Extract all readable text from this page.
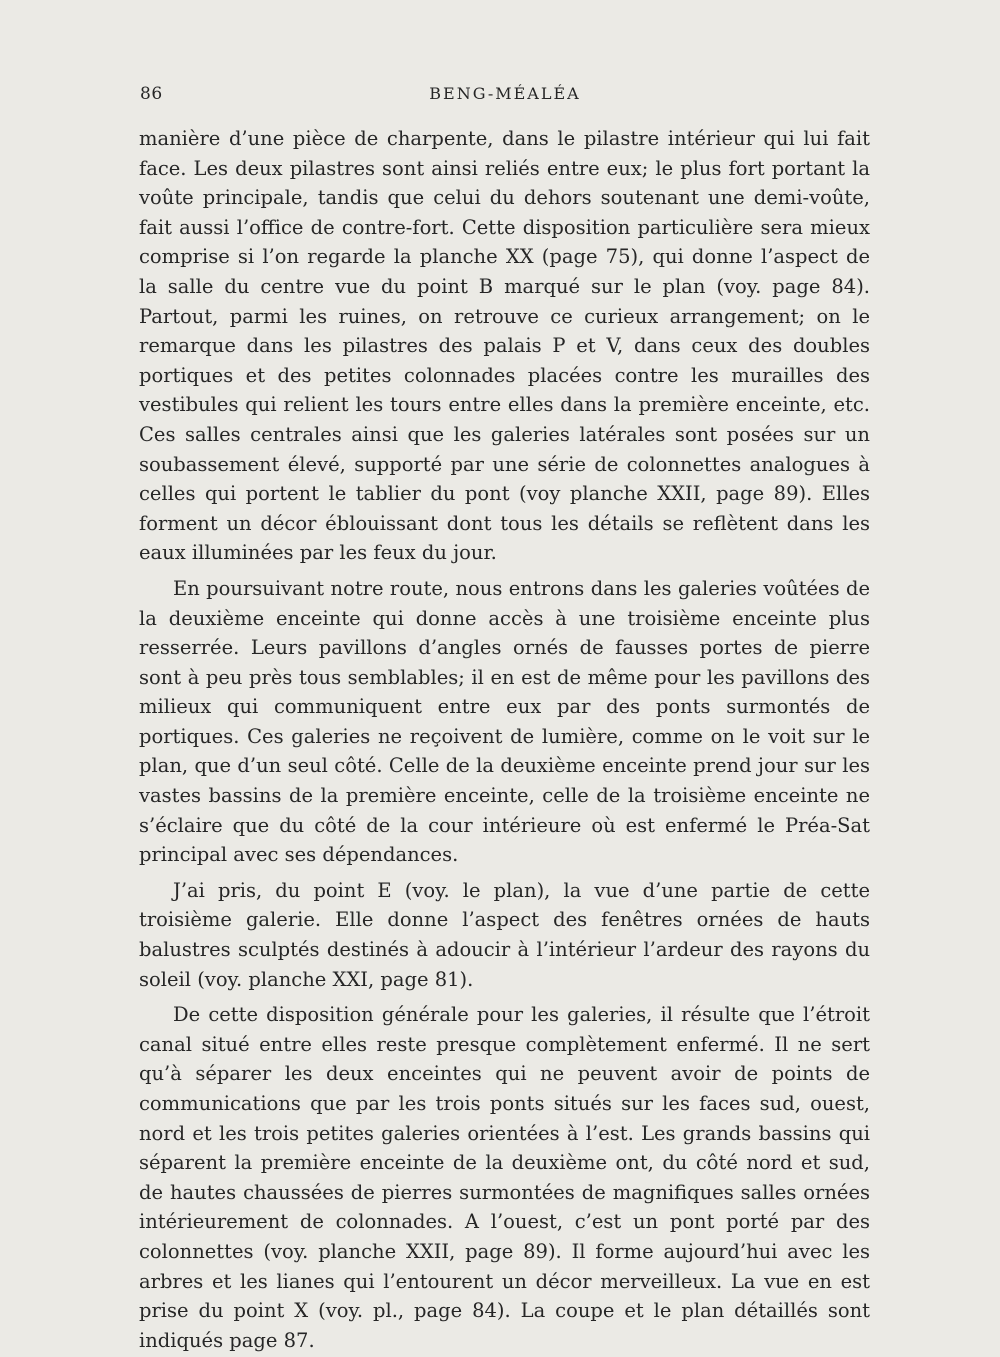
86	BENG-MÉALÉA

manière d’une pièce de charpente, dans le pilastre intérieur qui lui fait face. Les deux pilastres sont ainsi reliés entre eux; le plus fort portant la voûte principale, tandis que celui du dehors soutenant une demi-voûte, fait aussi l’office de contre-fort. Cette disposition particulière sera mieux comprise si l’on regarde la planche XX (page 75), qui donne l’aspect de la salle du centre vue du point B marqué sur le plan (voy. page 84). Partout, parmi les ruines, on retrouve ce curieux arrangement; on le remarque dans les pilastres des palais P et V, dans ceux des doubles portiques et des petites colonnades placées contre les murailles des vestibules qui relient les tours entre elles dans la première enceinte, etc. Ces salles centrales ainsi que les galeries latérales sont posées sur un soubassement élevé, supporté par une série de colonnettes analogues à celles qui portent le tablier du pont (voy planche XXII, page 89). Elles forment un décor éblouissant dont tous les détails se reflètent dans les eaux illuminées par les feux du jour.

En poursuivant notre route, nous entrons dans les galeries voûtées de la deuxième enceinte qui donne accès à une troisième enceinte plus resserrée. Leurs pavillons d’angles ornés de fausses portes de pierre sont à peu près tous semblables; il en est de même pour les pavillons des milieux qui communiquent entre eux par des ponts surmontés de portiques. Ces galeries ne reçoivent de lumière, comme on le voit sur le plan, que d’un seul côté. Celle de la deuxième enceinte prend jour sur les vastes bassins de la première enceinte, celle de la troisième enceinte ne s’éclaire que du côté de la cour intérieure où est enfermé le Préa-Sat principal avec ses dépendances.

J’ai pris, du point E (voy. le plan), la vue d’une partie de cette troisième galerie. Elle donne l’aspect des fenêtres ornées de hauts balustres sculptés destinés à adoucir à l’intérieur l’ardeur des rayons du soleil (voy. planche XXI, page 81).

De cette disposition générale pour les galeries, il résulte que l’étroit canal situé entre elles reste presque complètement enfermé. Il ne sert qu’à séparer les deux enceintes qui ne peuvent avoir de points de communications que par les trois ponts situés sur les faces sud, ouest, nord et les trois petites galeries orientées à l’est. Les grands bassins qui séparent la première enceinte de la deuxième ont, du côté nord et sud, de hautes chaussées de pierres surmontées de magnifiques salles ornées intérieurement de colonnades. A l’ouest, c’est un pont porté par des colonnettes (voy. planche XXII, page 89). Il forme aujourd’hui avec les arbres et les lianes qui l’entourent un décor merveilleux. La vue en est prise du point X (voy. pl., page 84). La coupe et le plan détaillés sont indiqués page 87.
